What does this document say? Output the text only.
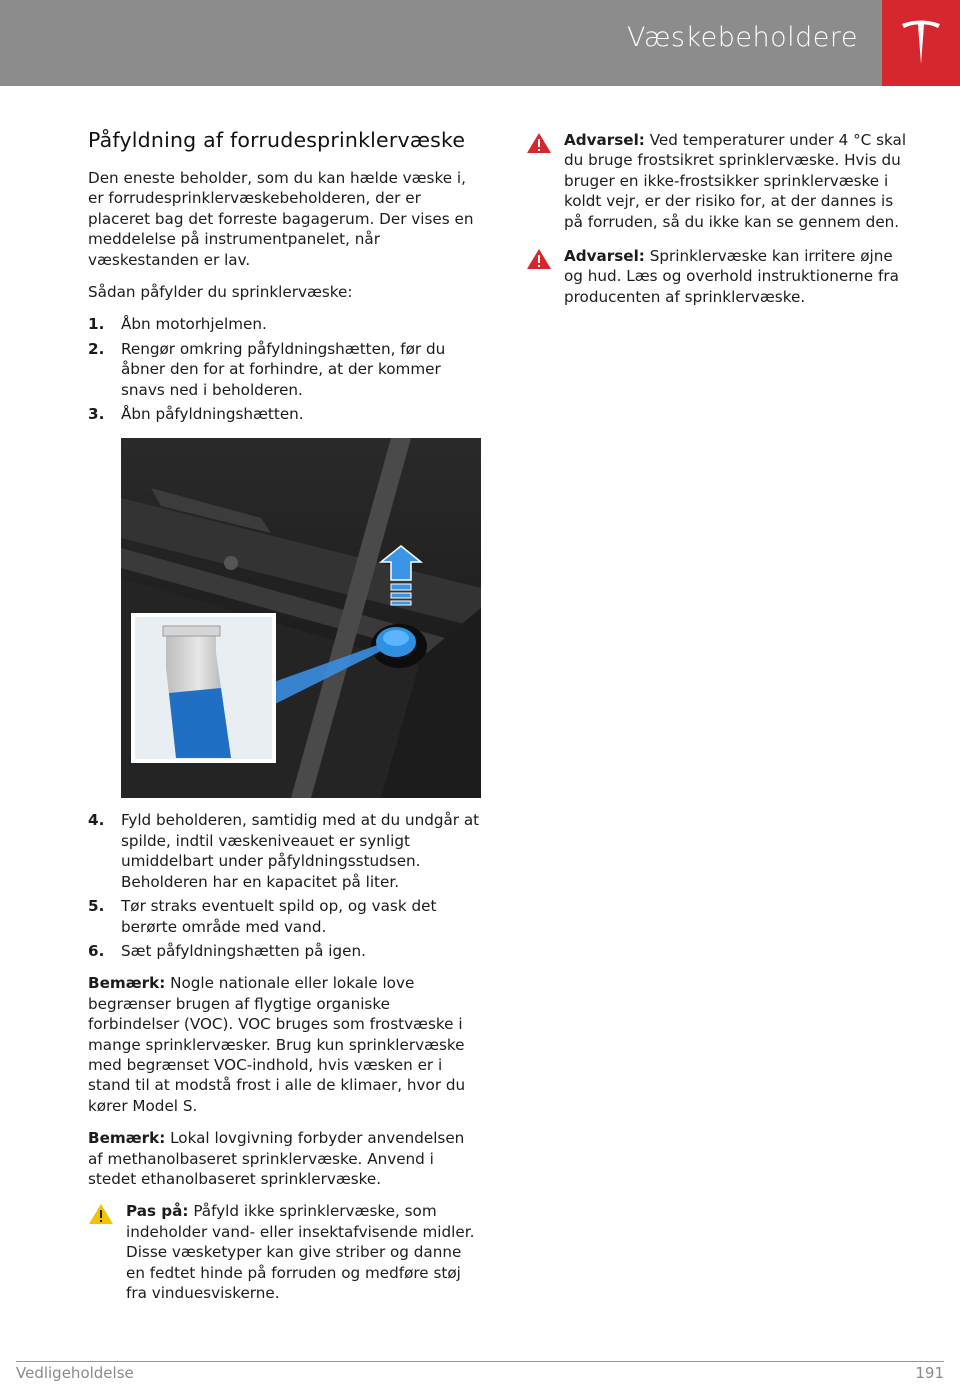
Væskebeholdere
Påfyldning af forrudesprinklervæske

Den eneste beholder, som du kan hælde væske i, er forrudesprinklervæskebeholderen, der er placeret bag det forreste bagagerum. Der vises en meddelelse på instrumentpanelet, når væskestanden er lav.

Sådan påfylder du sprinklervæske:

1. Åbn motorhjelmen.
2. Rengør omkring påfyldningshætten, før du åbner den for at forhindre, at der kommer snavs ned i beholderen.
3. Åbn påfyldningshætten.
4. Fyld beholderen, samtidig med at du undgår at spilde, indtil væskeniveauet er synligt umiddelbart under påfyldningsstudsen. Beholderen har en kapacitet på liter.
5. Tør straks eventuelt spild op, og vask det berørte område med vand.
6. Sæt påfyldningshætten på igen.

Bemærk: Nogle nationale eller lokale love begrænser brugen af flygtige organiske forbindelser (VOC). VOC bruges som frostvæske i mange sprinklervæsker. Brug kun sprinklervæske med begrænset VOC-indhold, hvis væsken er i stand til at modstå frost i alle de klimaer, hvor du kører Model S.

Bemærk: Lokal lovgivning forbyder anvendelsen af methanolbaseret sprinklervæske. Anvend i stedet ethanolbaseret sprinklervæske.

Pas på: Påfyld ikke sprinklervæske, som indeholder vand- eller insektafvisende midler. Disse væsketyper kan give striber og danne en fedtet hinde på forruden og medføre støj fra vinduesviskerne.

Advarsel: Ved temperaturer under 4 °C skal du bruge frostsikret sprinklervæske. Hvis du bruger en ikke-frostsikker sprinklervæske i koldt vejr, er der risiko for, at der dannes is på forruden, så du ikke kan se gennem den.

Advarsel: Sprinklervæske kan irritere øjne og hud. Læs og overhold instruktionerne fra producenten af sprinklervæske.

Vedligeholdelse	191
